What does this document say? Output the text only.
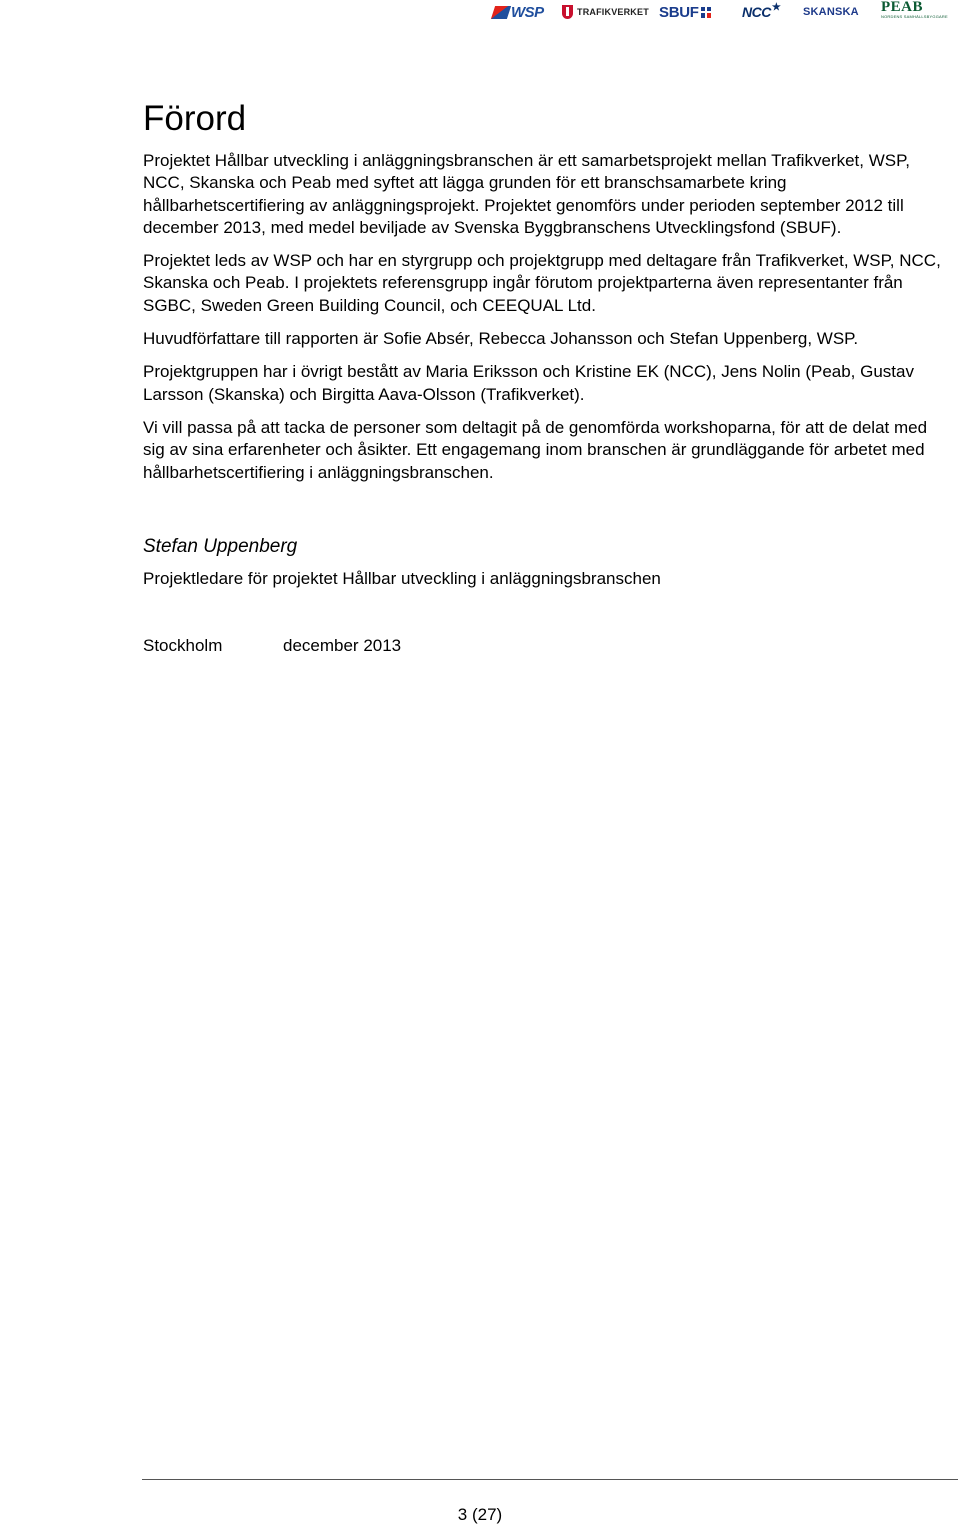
WSP	TRAFIKVERKET SBUF	NCC ★ SKANSKA PEAB
NORDENS SAMHÄLLSBYGGARE
Förord

Projektet Hållbar utveckling i anläggningsbranschen är ett samarbetsprojekt mellan Trafikverket, WSP, NCC, Skanska och Peab med syftet att lägga grunden för ett branschsamarbete kring hållbarhetscertifiering av anläggningsprojekt. Projektet genomförs under perioden september 2012 till december 2013, med medel beviljade av Svenska Byggbranschens Utvecklingsfond (SBUF).

Projektet leds av WSP och har en styrgrupp och projektgrupp med deltagare från Trafikverket, WSP, NCC, Skanska och Peab. I projektets referensgrupp ingår förutom projektparterna även representanter från SGBC, Sweden Green Building Council, och CEEQUAL Ltd.

Huvudförfattare till rapporten är Sofie Absér, Rebecca Johansson och Stefan Uppenberg, WSP.

Projektgruppen har i övrigt bestått av Maria Eriksson och Kristine EK (NCC), Jens Nolin (Peab, Gustav Larsson (Skanska) och Birgitta Aava-Olsson (Trafikverket).

Vi vill passa på att tacka de personer som deltagit på de genomförda workshoparna, för att de delat med sig av sina erfarenheter och åsikter. Ett engagemang inom branschen är grundläggande för arbetet med hållbarhetscertifiering i anläggningsbranschen.

Stefan Uppenberg
Projektledare för projektet Hållbar utveckling i anläggningsbranschen
Stockholm	december 2013
3 (27)
